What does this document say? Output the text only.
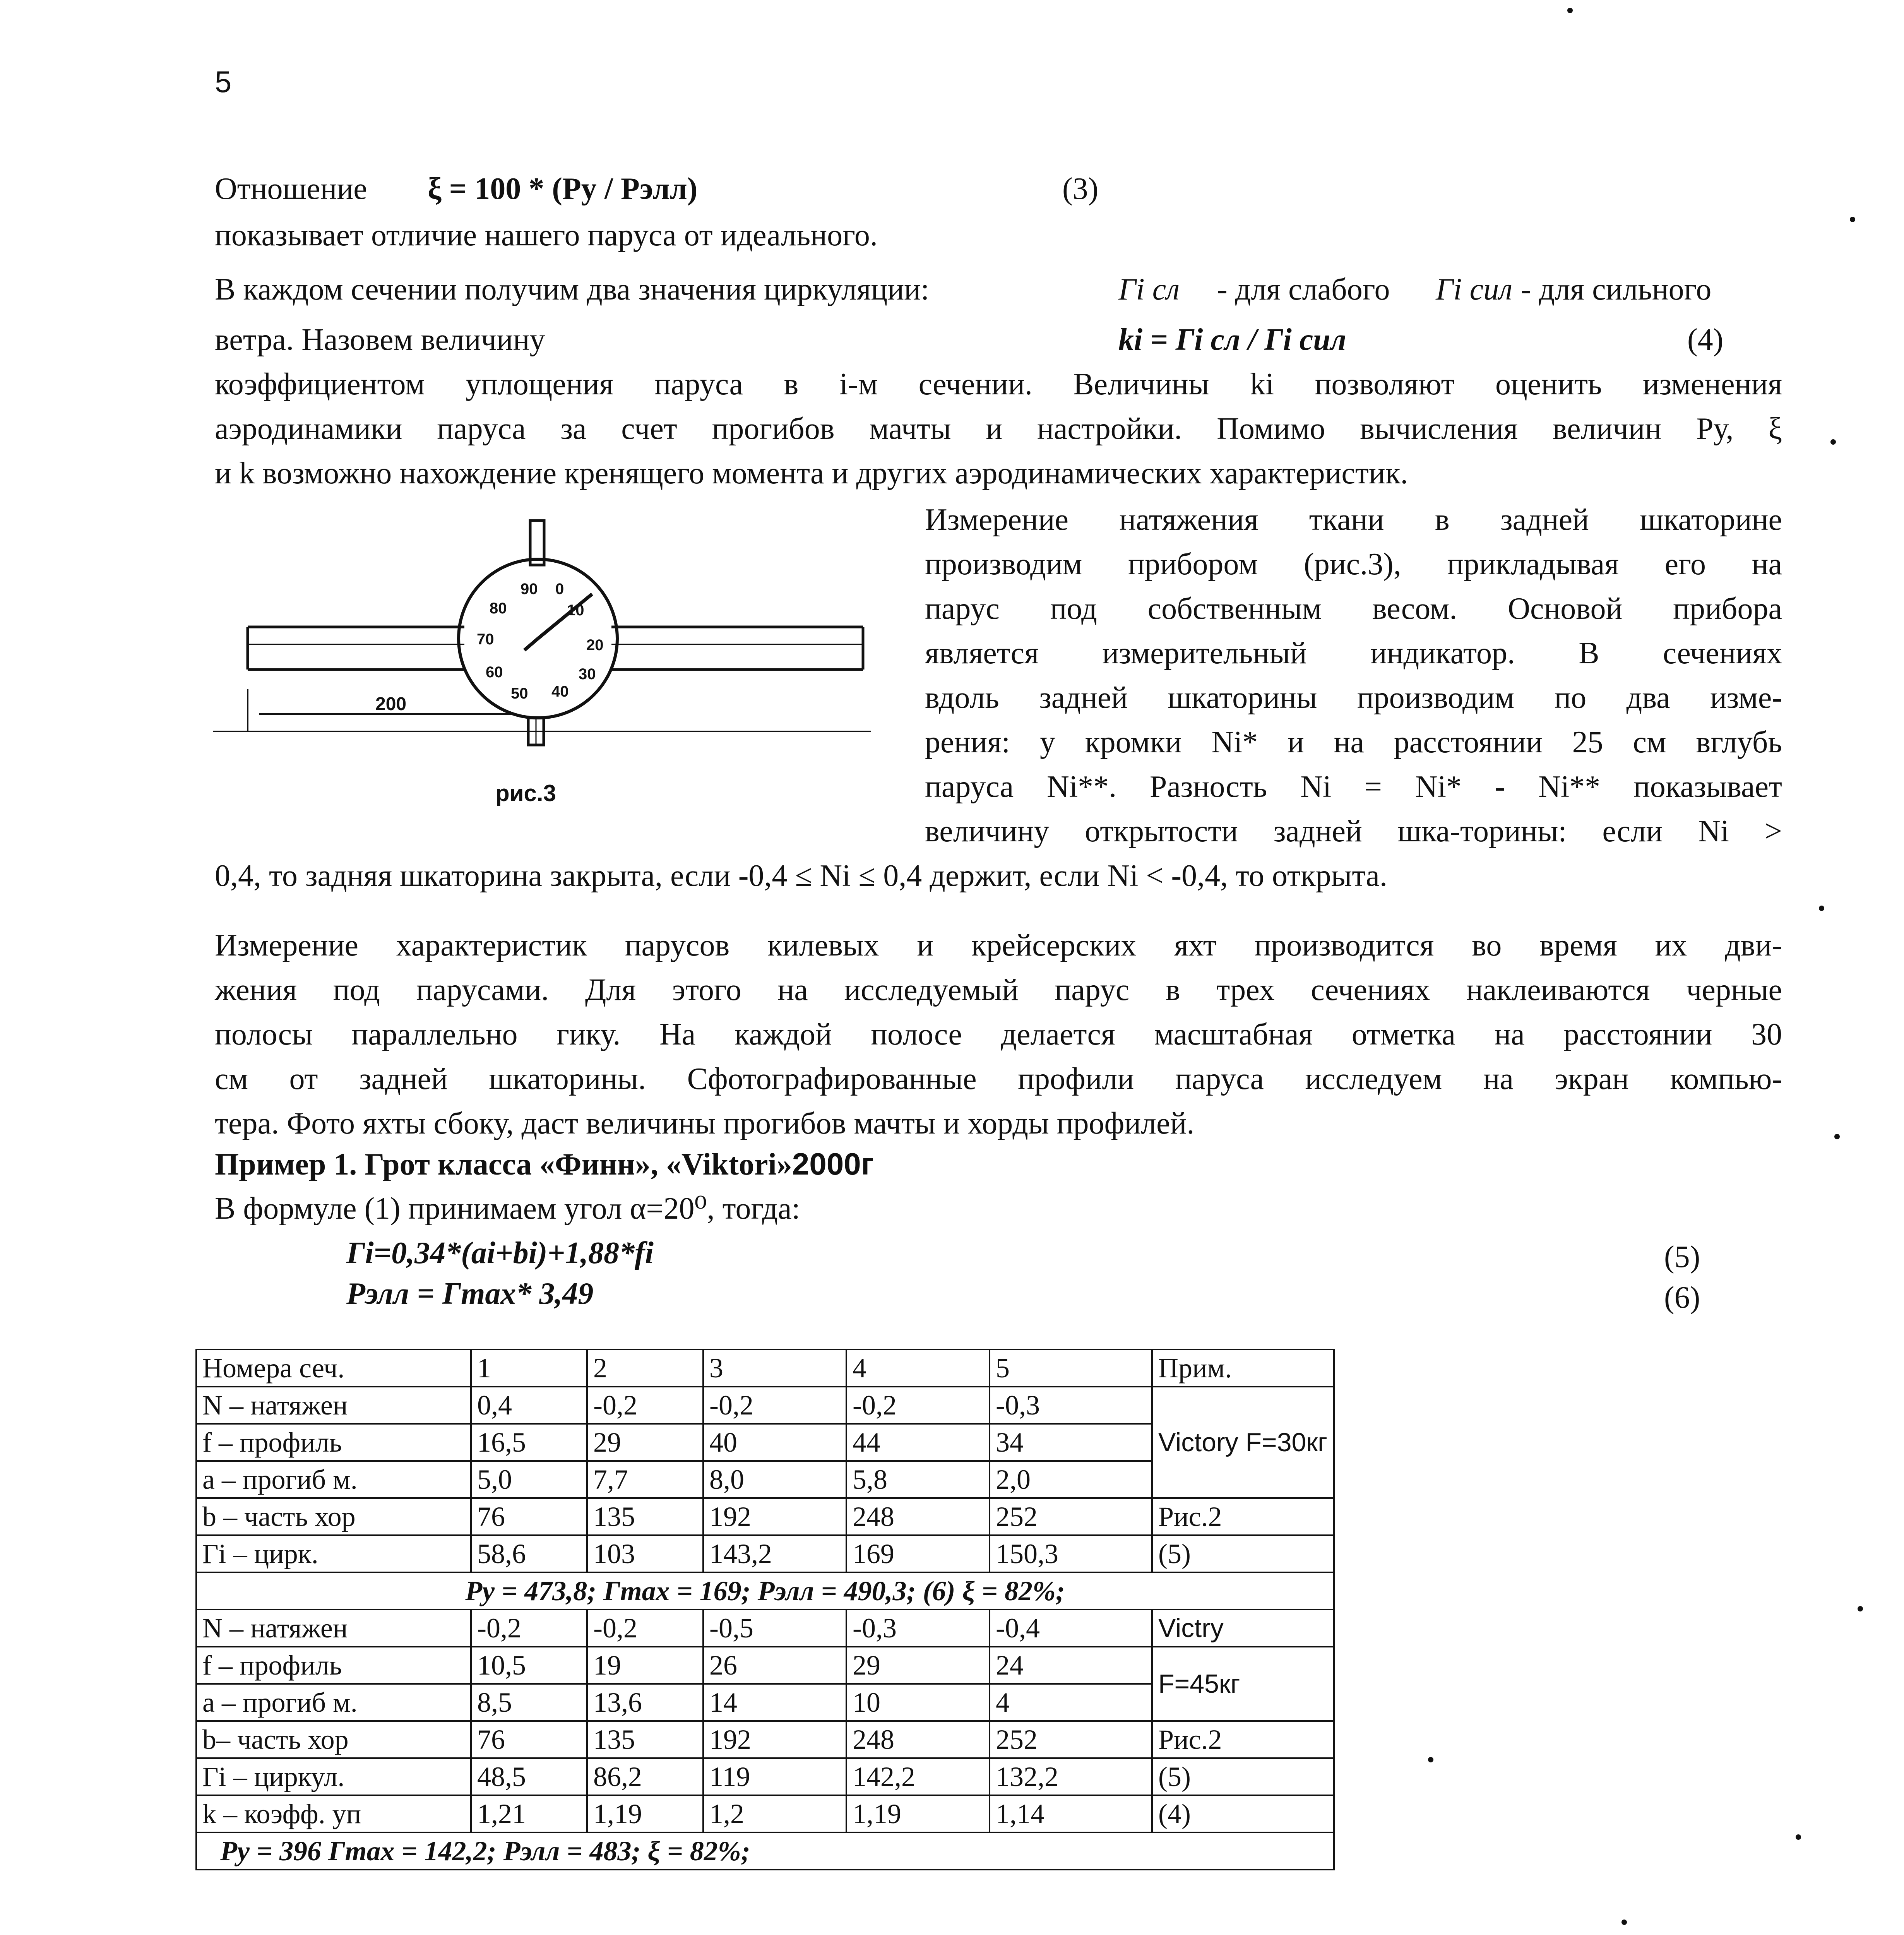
5
Отношение ξ = 100 * (Pу / Pэлл)	(3)
показывает отличие нашего паруса от идеального.
В каждом сечении получим два значения циркуляции:	Γi сл - для слабого Γi сил - для сильного
ветра. Назовем величину	ki = Γi сл / Γi сил	(4)
коэффициентом уплощения паруса в i-м сечении. Величины ki позволяют оценить изменения
аэродинамики паруса за счет прогибов мачты и настройки. Помимо вычисления величин Pу, ξ
и k возможно нахождение кренящего момента и других аэродинамических характеристик.
0
10
20
30
40
50
60
70
80
90
200
рис.3
Измерение натяжения ткани в задней шкаторине
производим прибором (рис.3), прикладывая его на
парус под собственным весом. Основой прибора
является измерительный индикатор. В сечениях
вдоль задней шкаторины производим по два изме-
рения: у кромки Ni* и на расстоянии 25 см вглубь
паруса Ni**. Разность Ni = Ni* - Ni** показывает
величину открытости задней шка-торины: если Ni >
0,4, то задняя шкаторина закрыта, если -0,4 ≤ Ni ≤ 0,4 держит, если Ni < -0,4, то открыта.
Измерение характеристик парусов килевых и крейсерских яхт производится во время их дви-
жения под парусами. Для этого на исследуемый парус в трех сечениях наклеиваются черные
полосы параллельно гику. На каждой полосе делается масштабная отметка на расстоянии 30
см от задней шкаторины. Сфотографированные профили паруса исследуем на экран компью-
тера. Фото яхты сбоку, даст величины прогибов мачты и хорды профилей.
Пример 1. Грот класса «Финн», «Viktori»2000г
В формуле (1) принимаем угол α=20⁰, тогда:
Гi=0,34*(ai+bi)+1,88*fi	(5)
Рэлл = Гmax* 3,49	(6)
Номера сеч.	1	2	3	4	5	Прим.
N – натяжен	0,4	-0,2	-0,2	-0,2	-0,3	Victory F=30кг
f – профиль	16,5	29	40	44	34	
a – прогиб м.	5,0	7,7	8,0	5,8	2,0	
b – часть хор	76	135	192	248	252	Рис.2
Гi – цирк.	58,6	103	143,2	169	150,3	(5)
Pу = 473,8; Гmax = 169; Pэлл = 490,3; (6) ξ = 82%;						
N – натяжен	-0,2	-0,2	-0,5	-0,3	-0,4	Victry
f – профиль	10,5	19	26	29	24	F=45кг
a – прогиб м.	8,5	13,6	14	10	4	
b– часть хор	76	135	192	248	252	Рис.2
Гi – циркул.	48,5	86,2	119	142,2	132,2	(5)
k – коэфф. уп	1,21	1,19	1,2	1,19	1,14	(4)
Pу = 396 Гmax = 142,2; Pэлл = 483; ξ = 82%;						
